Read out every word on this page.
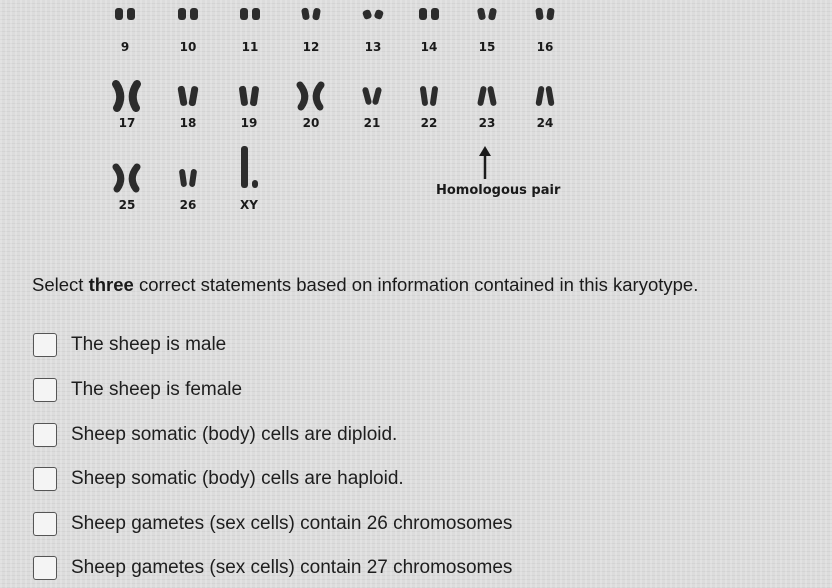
9	10	11	12	13	14	15	16
17	18	19	20	21	22	23	24
25	26	XY
Homologous pair
Select three correct statements based on information contained in this karyotype.
The sheep is male
The sheep is female
Sheep somatic (body) cells are diploid.
Sheep somatic (body) cells are haploid.
Sheep gametes (sex cells) contain 26 chromosomes
Sheep gametes (sex cells) contain 27 chromosomes
